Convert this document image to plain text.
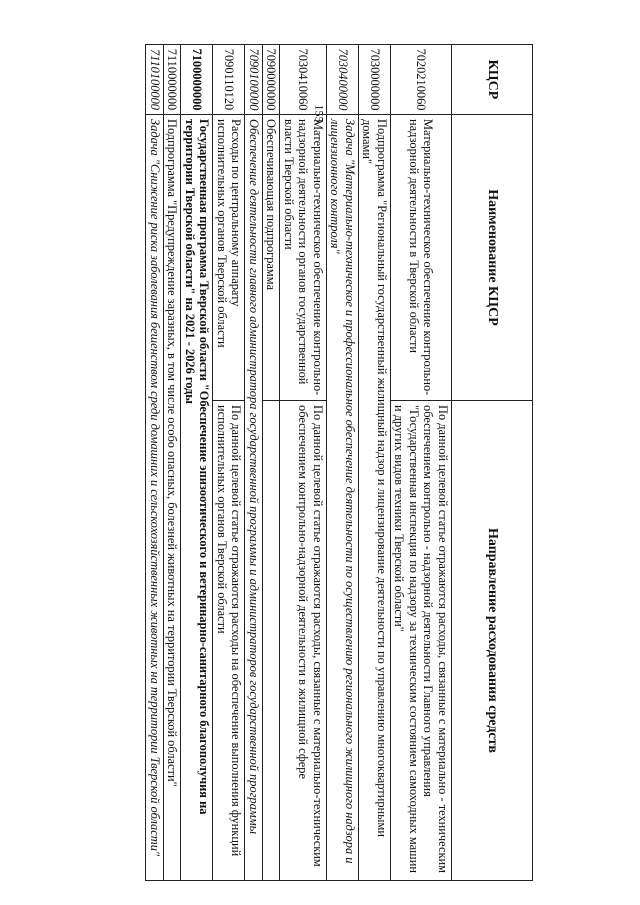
155
КЦСР	Наименование КЦСР	Направление расходования средств
7020210060	Материально-техническое обеспечение контрольно-надзорной деятельности в Тверской области	По данной целевой статье отражаются расходы, связанные с материально - техническим обеспечением контрольно - надзорной деятельности Главного управления "Государственная инспекция по надзору за техническим состоянием самоходных машин и других видов техники Тверской области"
7030000000	Подпрограмма "Региональный государственный жилищный надзор и лицензирование деятельности по управлению многоквартирными домами"	
7030400000	Задача "Материально-техническое и профессиональное обеспечение деятельности по осуществлению регионального жилищного надзора и лицензионного контроля"	
7030410060	Материально-техническое обеспечение контрольно-надзорной деятельности органов государственной власти Тверской области	По данной целевой статье отражаются расходы, связанные с материально-техническим обеспечением контрольно-надзорной деятельности в жилищной сфере
7090000000	Обеспечивающая подпрограмма	
7090100000	Обеспечение деятельности главного администратора государственной программы и администраторов государственной программы	
7090110120	Расходы по центральному аппарату исполнительных органов Тверской области	По данной целевой статье отражаются расходы на обеспечение выполнения функций исполнительных органов Тверской области
7100000000	Государственная программа Тверской области "Обеспечение эпизоотического и ветеринарно-санитарного благополучия на территории Тверской области" на 2021 - 2026 годы	
7110000000	Подпрограмма "Предупреждение заразных, в том числе особо опасных, болезней животных на территории Тверской области"	
7110100000	Задача "Снижение риска заболевания бешенством среди домашних и сельскохозяйственных животных на территории Тверской области"	
